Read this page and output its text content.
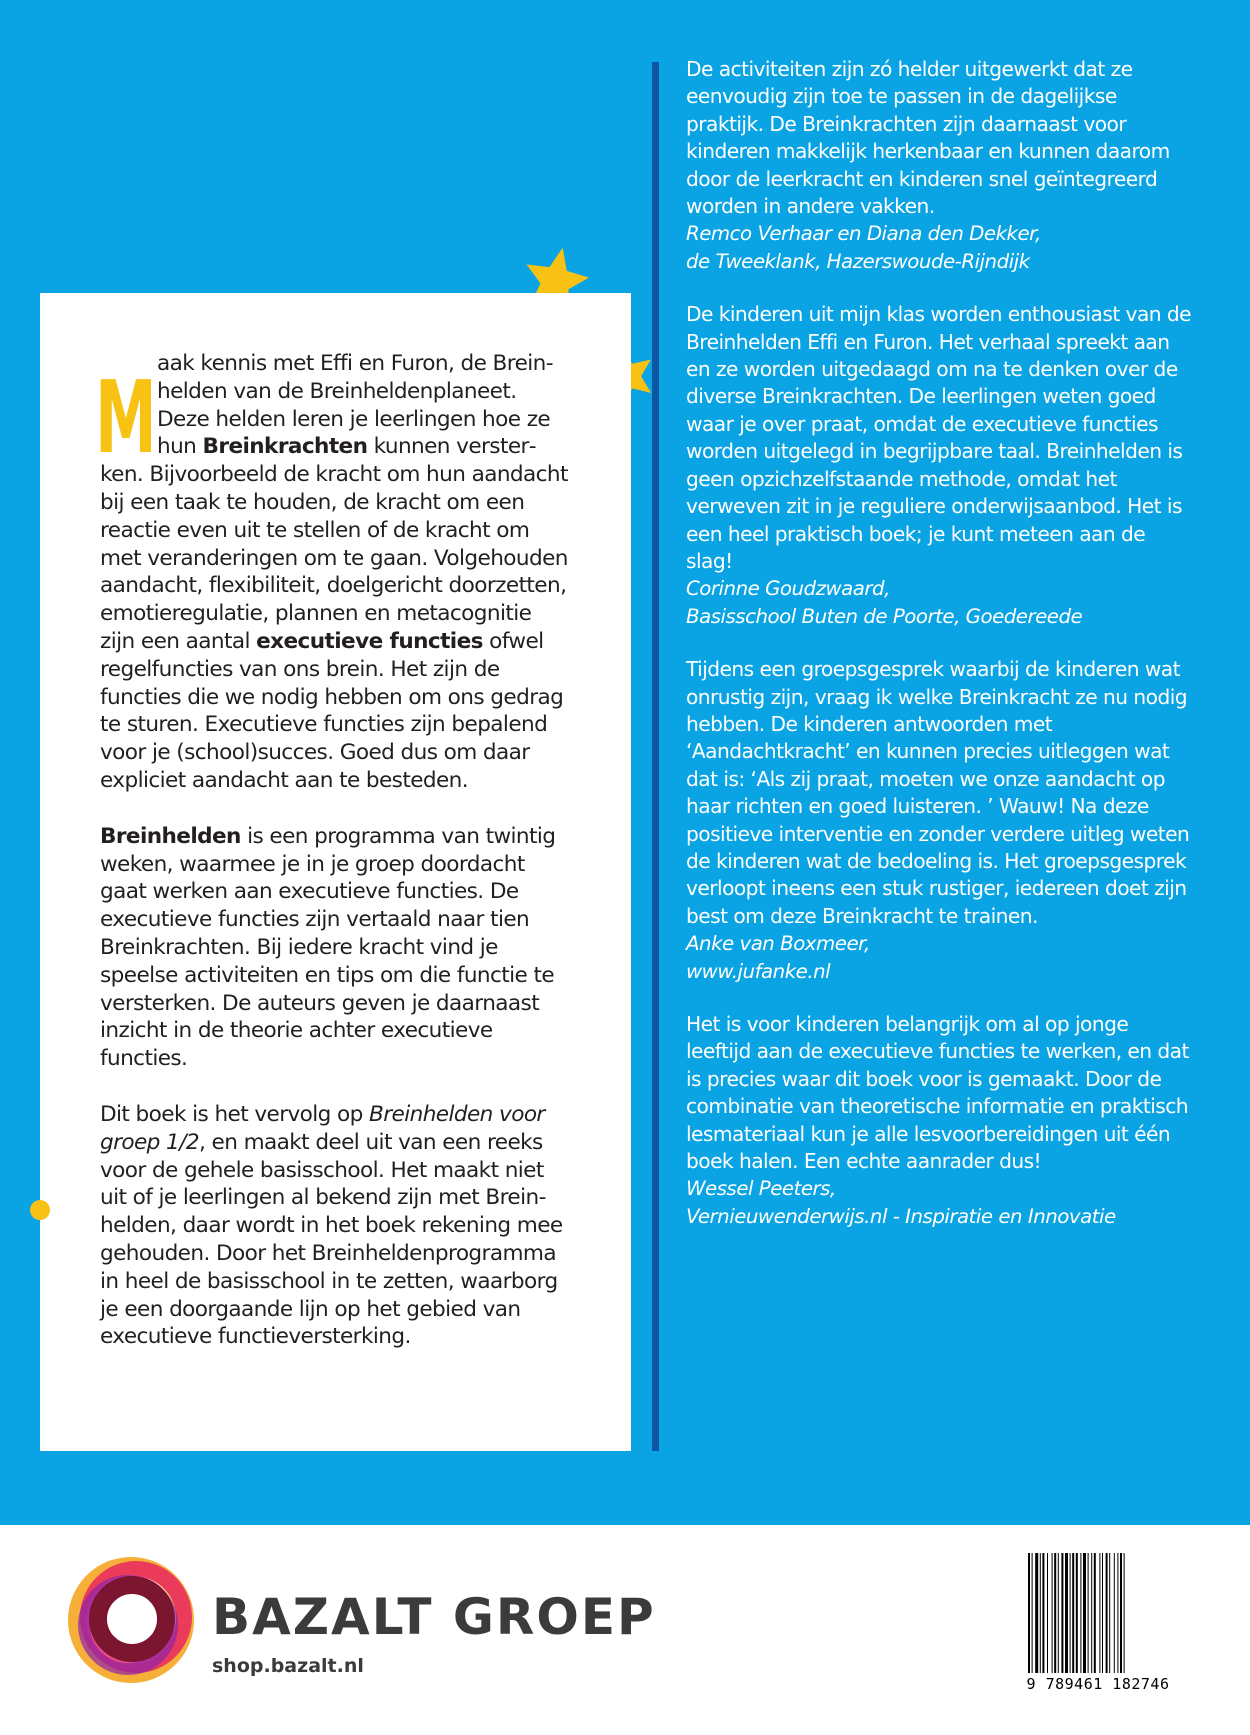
M aak kennis met Effi en Furon, de Breinhelden van de Breinheldenplaneet. Deze helden leren je leerlingen hoe ze hun Breinkrachten kunnen versterken. Bijvoorbeeld de kracht om hun aandacht bij een taak te houden, de kracht om een reactie even uit te stellen of de kracht om met veranderingen om te gaan. Volgehouden aandacht, flexibiliteit, doelgericht doorzetten, emotieregulatie, plannen en metacognitie zijn een aantal executieve functies ofwel regelfuncties van ons brein. Het zijn de functies die we nodig hebben om ons gedrag te sturen. Executieve functies zijn bepalend voor je (school)succes. Goed dus om daar expliciet aandacht aan te besteden.

Breinhelden is een programma van twintig weken, waarmee je in je groep doordacht gaat werken aan executieve functies. De executieve functies zijn vertaald naar tien Breinkrachten. Bij iedere kracht vind je speelse activiteiten en tips om die functie te versterken. De auteurs geven je daarnaast inzicht in de theorie achter executieve functies.

Dit boek is het vervolg op Breinhelden voor groep 1/2, en maakt deel uit van een reeks voor de gehele basisschool. Het maakt niet uit of je leerlingen al bekend zijn met Breinhelden, daar wordt in het boek rekening mee gehouden. Door het Breinheldenprogramma in heel de basisschool in te zetten, waarborg je een doorgaande lijn op het gebied van executieve functieversterking.

De activiteiten zijn zó helder uitgewerkt dat ze eenvoudig zijn toe te passen in de dagelijkse praktijk. De Breinkrachten zijn daarnaast voor kinderen makkelijk herkenbaar en kunnen daarom door de leerkracht en kinderen snel geïntegreerd worden in andere vakken.

Remco Verhaar en Diana den Dekker,

de Tweeklank, Hazerswoude-Rijndijk

De kinderen uit mijn klas worden enthousiast van de Breinhelden Effi en Furon. Het verhaal spreekt aan en ze worden uitgedaagd om na te denken over de diverse Breinkrachten. De leerlingen weten goed waar je over praat, omdat de executieve functies worden uitgelegd in begrijpbare taal. Breinhelden is geen opzichzelfstaande methode, omdat het verweven zit in je reguliere onderwijsaanbod. Het is een heel praktisch boek; je kunt meteen aan de slag!

Corinne Goudzwaard,

Basisschool Buten de Poorte, Goedereede

Tijdens een groepsgesprek waarbij de kinderen wat onrustig zijn, vraag ik welke Breinkracht ze nu nodig hebben. De kinderen antwoorden met ‘Aandachtkracht’ en kunnen precies uitleggen wat dat is: ‘Als zij praat, moeten we onze aandacht op haar richten en goed luisteren. ’ Wauw! Na deze positieve interventie en zonder verdere uitleg weten de kinderen wat de bedoeling is. Het groepsgesprek verloopt ineens een stuk rustiger, iedereen doet zijn best om deze Breinkracht te trainen.

Anke van Boxmeer,

www.jufanke.nl

Het is voor kinderen belangrijk om al op jonge leeftijd aan de executieve functies te werken, en dat is precies waar dit boek voor is gemaakt. Door de combinatie van theoretische informatie en praktisch lesmateriaal kun je alle lesvoorbereidingen uit één boek halen. Een echte aanrader dus!

Wessel Peeters,

Vernieuwenderwijs.nl - Inspiratie en Innovatie

BAZALT GROEP
shop.bazalt.nl
9 789461 182746
